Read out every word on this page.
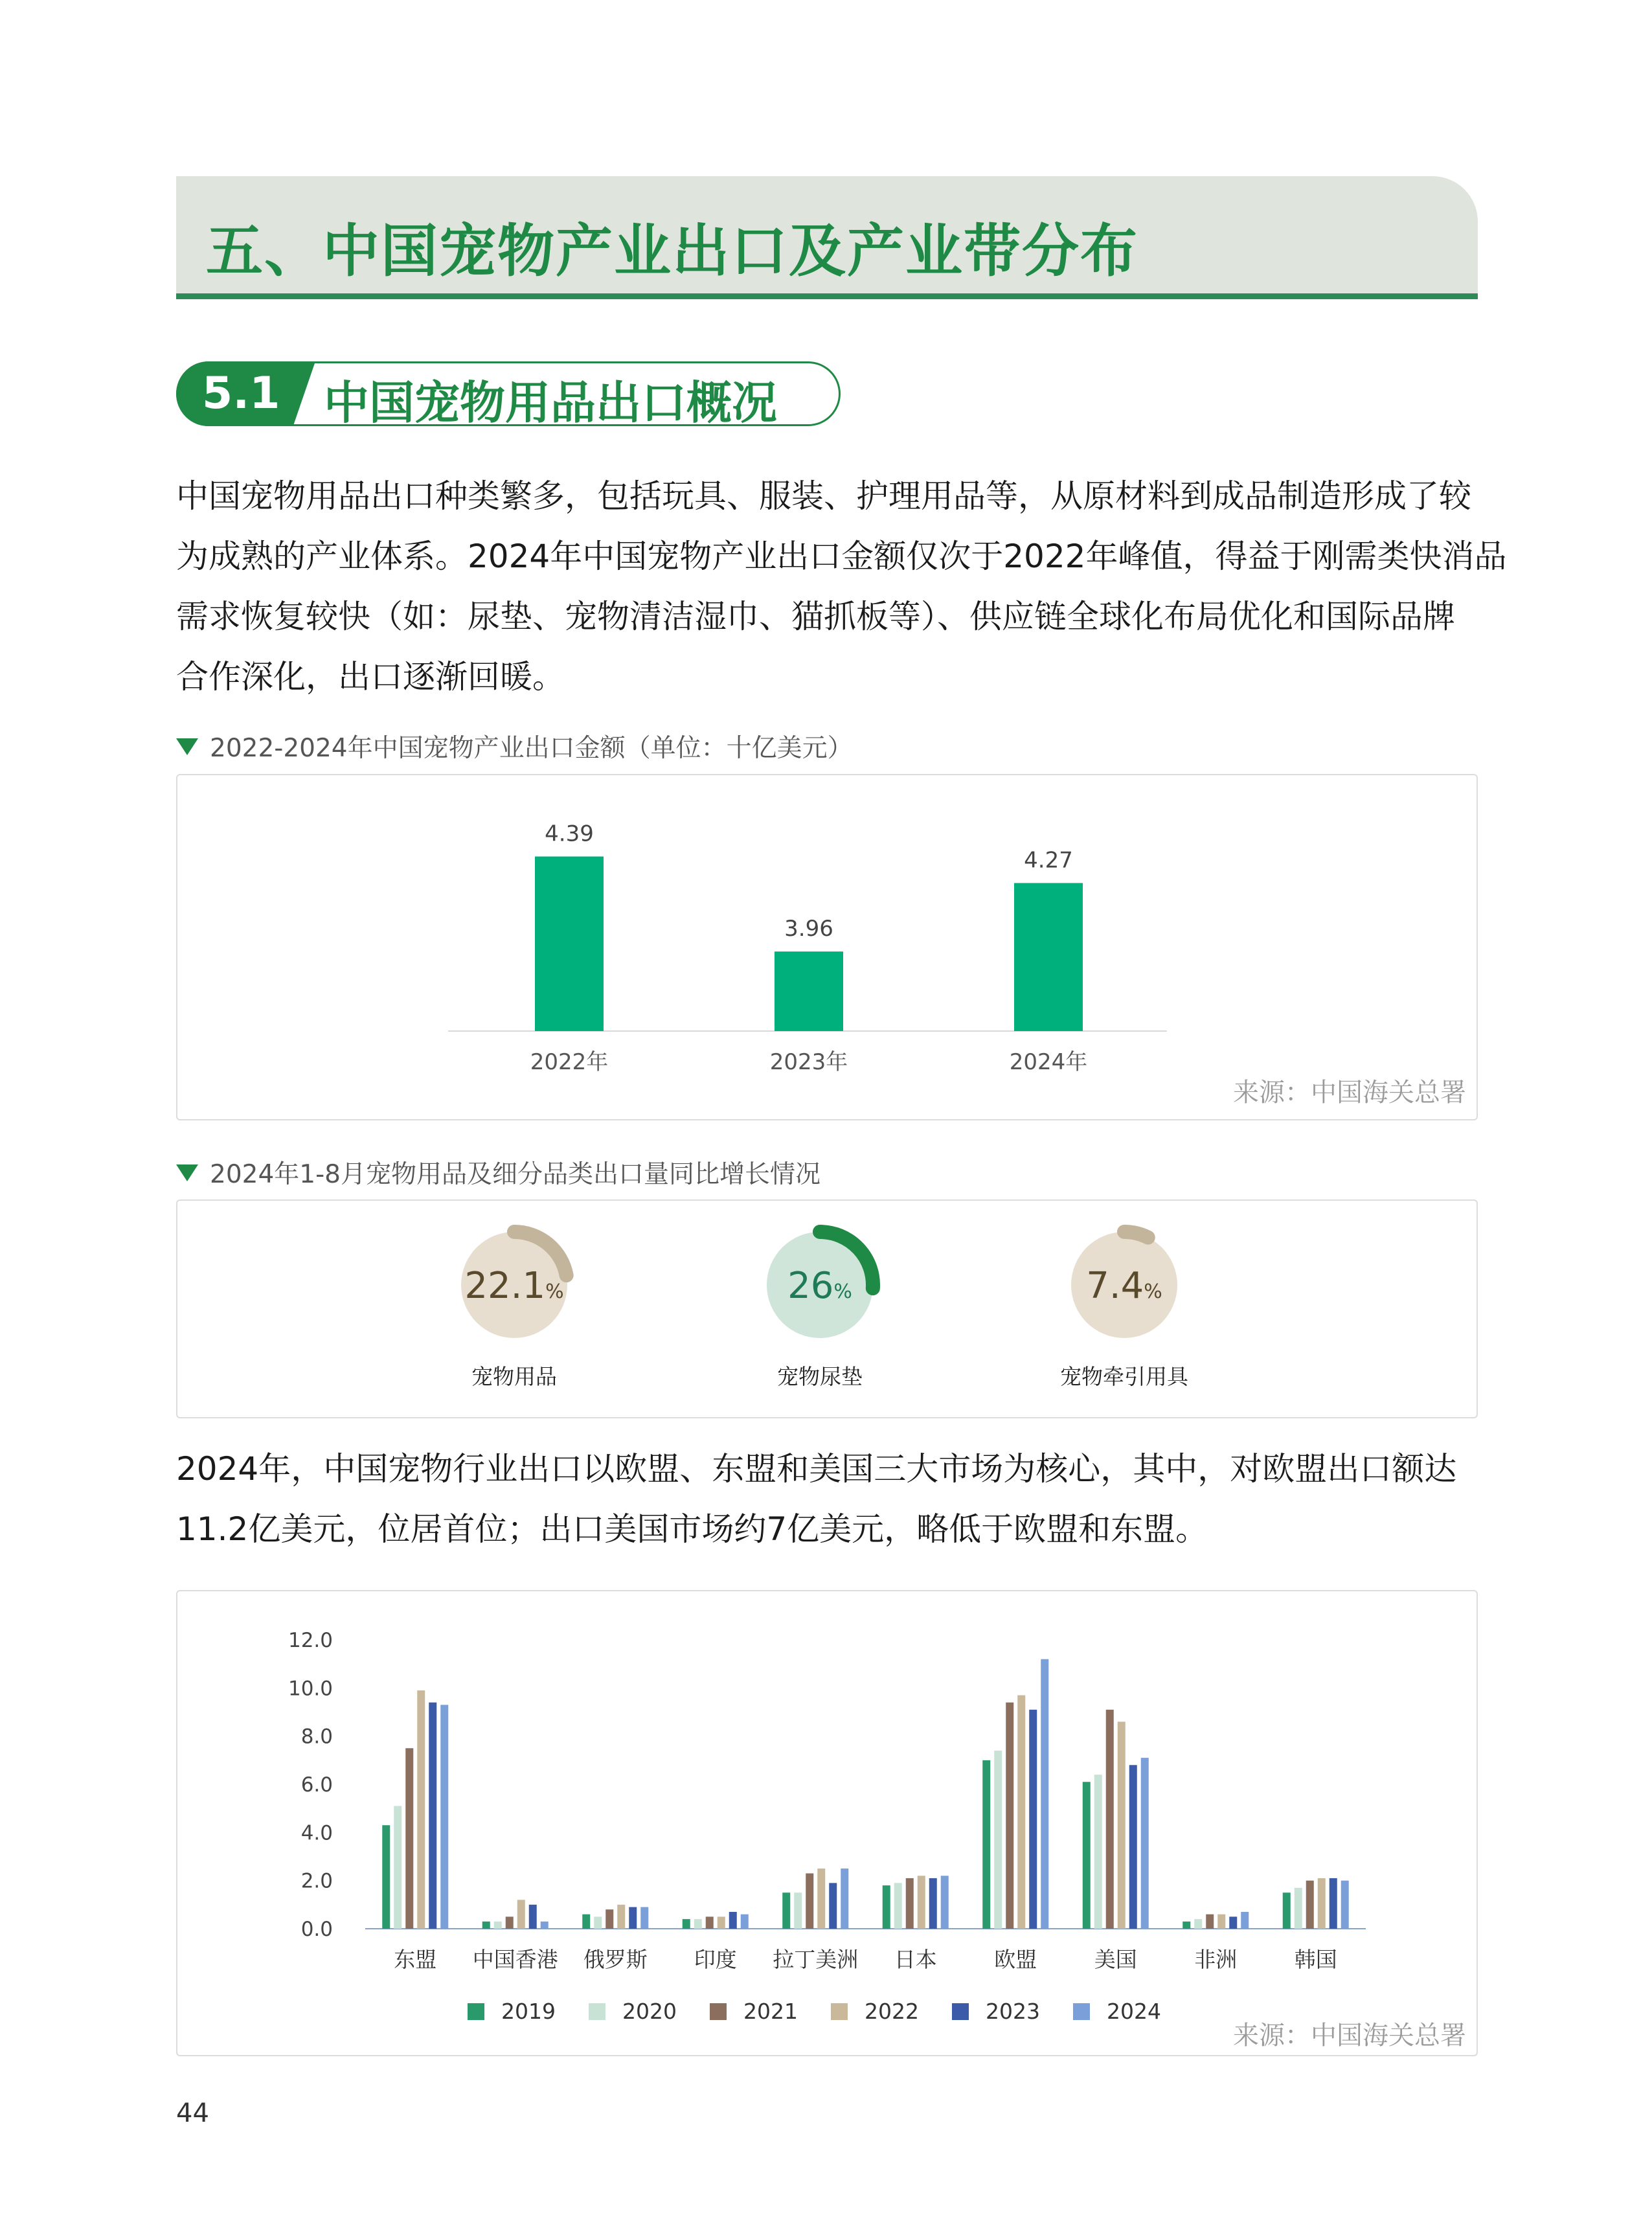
五、中国宠物产业出口及产业带分布
5.1 中国宠物用品出口概况
中国宠物用品出口种类繁多，包括玩具、服装、护理用品等，从原材料到成品制造形成了较
为成熟的产业体系。2024年中国宠物产业出口金额仅次于2022年峰值，得益于刚需类快消品
需求恢复较快（如：尿垫、宠物清洁湿巾、猫抓板等）、供应链全球化布局优化和国际品牌
合作深化，出口逐渐回暖。
2022-2024年中国宠物产业出口金额（单位：十亿美元）
4.39
2022年
3.96
2023年
4.27
2024年
来源：中国海关总署
2024年1-8月宠物用品及细分品类出口量同比增长情况
22.1%
宠物用品
26%
宠物尿垫
7.4%
宠物牵引用具
2024年，中国宠物行业出口以欧盟、东盟和美国三大市场为核心，其中，对欧盟出口额达
11.2亿美元，位居首位；出口美国市场约7亿美元，略低于欧盟和东盟。
0.0
2.0
4.0
6.0
8.0
10.0
12.0
东盟 中国香港 俄罗斯 印度 拉丁美洲 日本	欧盟	美国	非洲	韩国
2019	2020	2021	2022	2023	2024
来源：中国海关总署
44
